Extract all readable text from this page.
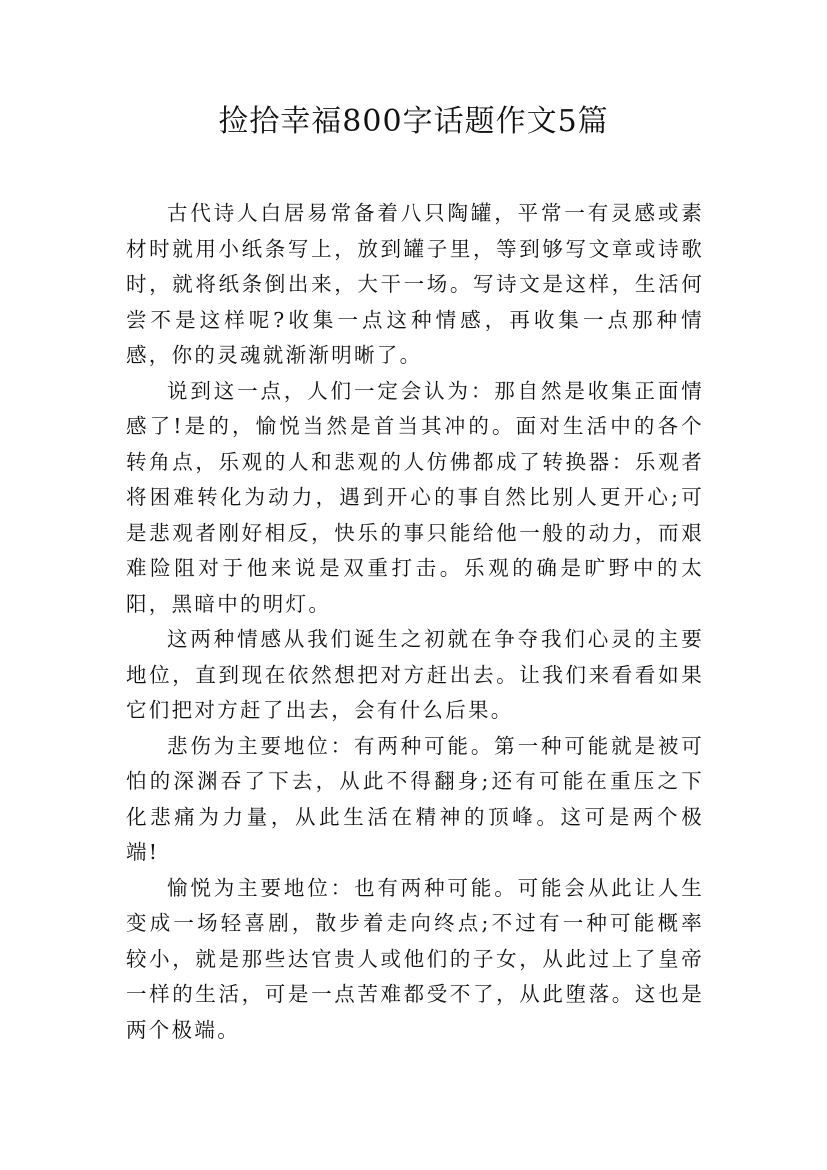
捡拾幸福800字话题作文5篇

古代诗人白居易常备着八只陶罐，平常一有灵感或素材时就用小纸条写上，放到罐子里，等到够写文章或诗歌时，就将纸条倒出来，大干一场。写诗文是这样，生活何尝不是这样呢?收集一点这种情感，再收集一点那种情感，你的灵魂就渐渐明晰了。

说到这一点，人们一定会认为：那自然是收集正面情感了!是的，愉悦当然是首当其冲的。面对生活中的各个转角点，乐观的人和悲观的人仿佛都成了转换器：乐观者将困难转化为动力，遇到开心的事自然比别人更开心;可是悲观者刚好相反，快乐的事只能给他一般的动力，而艰难险阻对于他来说是双重打击。乐观的确是旷野中的太阳，黑暗中的明灯。

这两种情感从我们诞生之初就在争夺我们心灵的主要地位，直到现在依然想把对方赶出去。让我们来看看如果它们把对方赶了出去，会有什么后果。

悲伤为主要地位：有两种可能。第一种可能就是被可怕的深渊吞了下去，从此不得翻身;还有可能在重压之下化悲痛为力量，从此生活在精神的顶峰。这可是两个极端!

愉悦为主要地位：也有两种可能。可能会从此让人生变成一场轻喜剧，散步着走向终点;不过有一种可能概率较小，就是那些达官贵人或他们的子女，从此过上了皇帝一样的生活，可是一点苦难都受不了，从此堕落。这也是两个极端。
